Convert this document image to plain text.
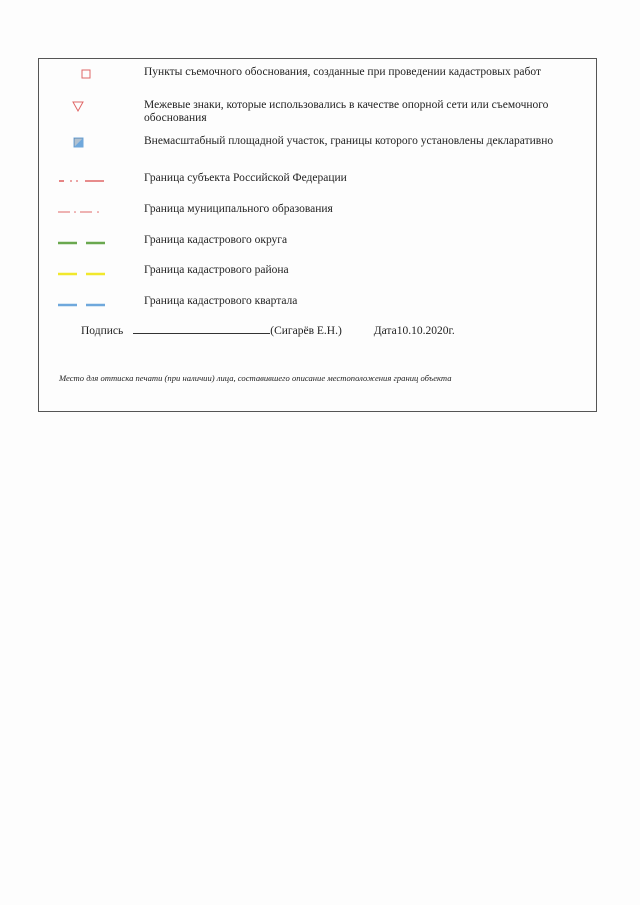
Пункты съемочного обоснования, созданные при проведении кадастровых работ
Межевые знаки, которые использовались в качестве опорной сети или съемочного обоснования
Внемасштабный площадной участок, границы которого установлены декларативно
Граница субъекта Российской Федерации
Граница муниципального образования
Граница кадастрового округа
Граница кадастрового района
Граница кадастрового квартала
Подпись	(Сигарёв Е.Н.)	Дата10.10.2020г.
Место для оттиска печати (при наличии) лица, составившего описание местоположения границ объекта
